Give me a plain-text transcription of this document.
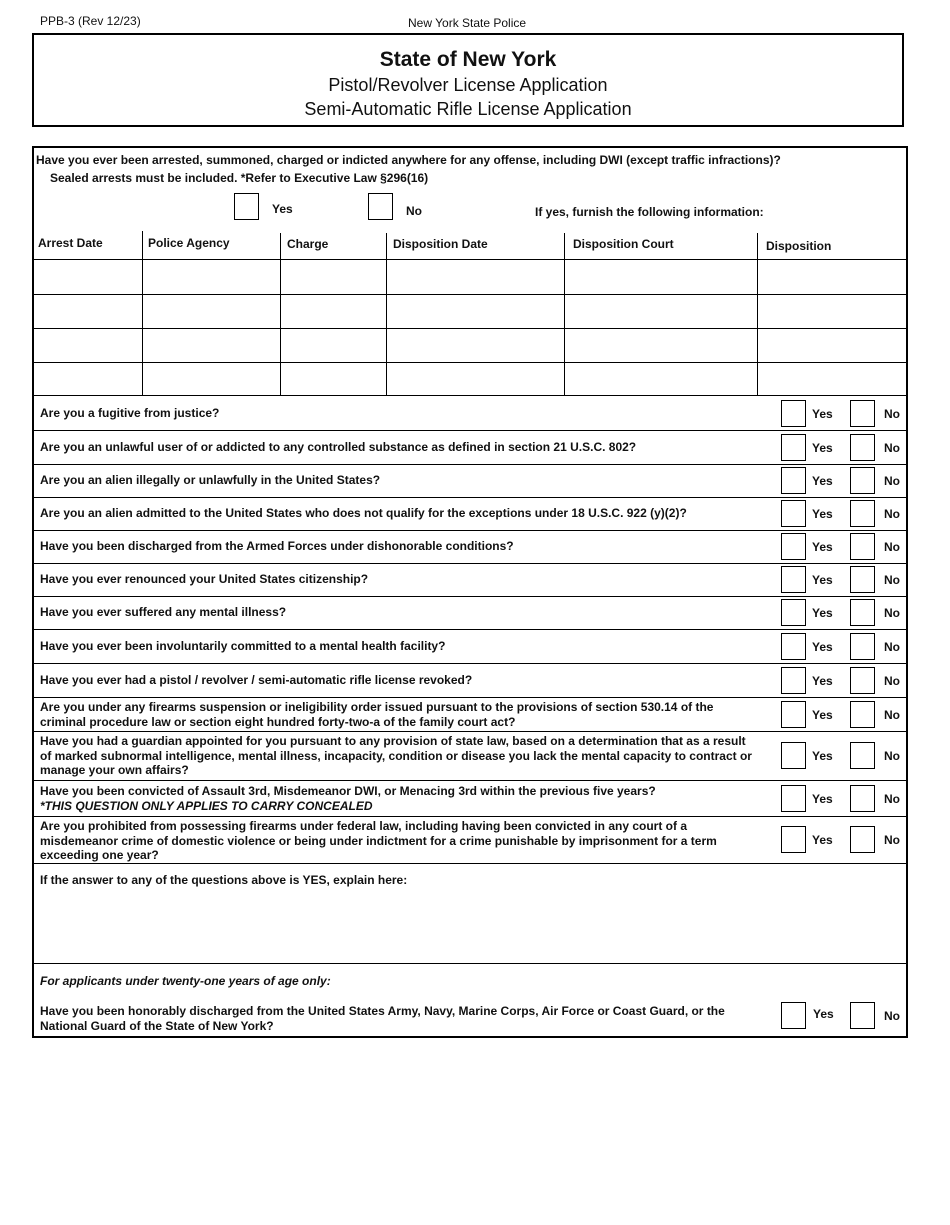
PPB-3 (Rev 12/23)	New York State Police
State of New York
Pistol/Revolver License Application
Semi-Automatic Rifle License Application
Have you ever been arrested, summoned, charged or indicted anywhere for any offense, including DWI (except traffic infractions)?
Sealed arrests must be included. *Refer to Executive Law §296(16)
Yes	No	If yes, furnish the following information:
Arrest Date	Police Agency	Charge	Disposition Date	Disposition Court	Disposition
Are you a fugitive from justice?	Yes	No
Are you an unlawful user of or addicted to any controlled substance as defined in section 21 U.S.C. 802?	Yes	No
Are you an alien illegally or unlawfully in the United States?	Yes	No
Are you an alien admitted to the United States who does not qualify for the exceptions under 18 U.S.C. 922 (y)(2)?	Yes	No
Have you been discharged from the Armed Forces under dishonorable conditions?	Yes	No
Have you ever renounced your United States citizenship?	Yes	No
Have you ever suffered any mental illness?	Yes	No
Have you ever been involuntarily committed to a mental health facility?	Yes	No
Have you ever had a pistol / revolver / semi-automatic rifle license revoked?	Yes	No
Are you under any firearms suspension or ineligibility order issued pursuant to the provisions of section 530.14 of the
criminal procedure law or section eight hundred forty-two-a of the family court act?	Yes	No
Have you had a guardian appointed for you pursuant to any provision of state law, based on a determination that as a result
of marked subnormal intelligence, mental illness, incapacity, condition or disease you lack the mental capacity to contract or
manage your own affairs?
Yes	No
Have you been convicted of Assault 3rd, Misdemeanor DWI, or Menacing 3rd within the previous five years?
*THIS QUESTION ONLY APPLIES TO CARRY CONCEALED	Yes	No
Are you prohibited from possessing firearms under federal law, including having been convicted in any court of a
misdemeanor crime of domestic violence or being under indictment for a crime punishable by imprisonment for a term
exceeding one year?
Yes	No
If the answer to any of the questions above is YES, explain here:
For applicants under twenty-one years of age only:
Have you been honorably discharged from the United States Army, Navy, Marine Corps, Air Force or Coast Guard, or the
National Guard of the State of New York?
Yes	No
